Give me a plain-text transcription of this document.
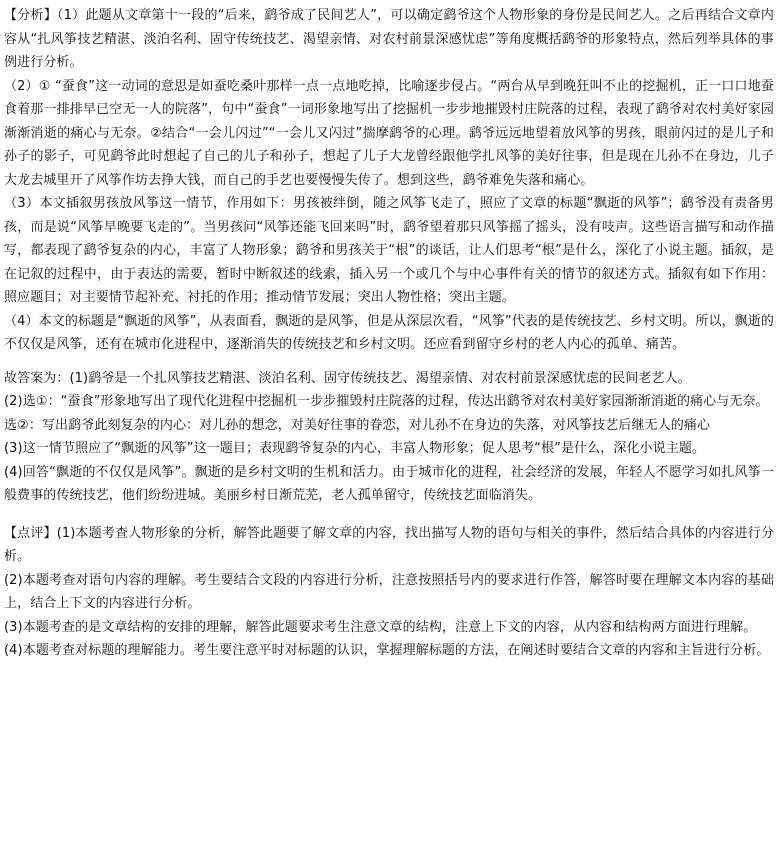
【分析】（1）此题从文章第十一段的“后来，鹞爷成了民间艺人”，可以确定鹞爷这个人物形象的身份是民间艺人。之后再结合文章内容从“扎风筝技艺精湛、淡泊名利、固守传统技艺、渴望亲情、对农村前景深感忧虑”等角度概括鹞爷的形象特点，然后列举具体的事例进行分析。

（2）① “蚕食”这一动词的意思是如蚕吃桑叶那样一点一点地吃掉，比喻逐步侵占。“两台从早到晚狂叫不止的挖掘机，正一口口地蚕食着那一排排早已空无一人的院落”，句中“蚕食”一词形象地写出了挖掘机一步步地摧毁村庄院落的过程，表现了鹞爷对农村美好家园渐渐消逝的痛心与无奈。②结合“一会儿闪过”“一会儿又闪过”揣摩鹞爷的心理。鹞爷远远地望着放风筝的男孩，眼前闪过的是儿子和孙子的影子，可见鹞爷此时想起了自己的儿子和孙子，想起了儿子大龙曾经跟他学扎风筝的美好往事，但是现在儿孙不在身边，儿子大龙去城里开了风筝作坊去挣大钱，而自己的手艺也要慢慢失传了。想到这些，鹞爷难免失落和痛心。

（3）本文插叙男孩放风筝这一情节，作用如下：男孩被绊倒，随之风筝飞走了，照应了文章的标题“飘逝的风筝”；鹞爷没有责备男孩，而是说“风筝早晚要飞走的”。当男孩问“风筝还能飞回来吗”时，鹞爷望着那只风筝摇了摇头，没有吱声。这些语言描写和动作描写，都表现了鹞爷复杂的内心，丰富了人物形象；鹞爷和男孩关于“根”的谈话，让人们思考“根”是什么，深化了小说主题。插叙，是在记叙的过程中，由于表达的需要，暂时中断叙述的线索，插入另一个或几个与中心事件有关的情节的叙述方式。插叙有如下作用：照应题目；对主要情节起补充、衬托的作用；推动情节发展；突出人物性格；突出主题。

（4）本文的标题是“飘逝的风筝”，从表面看，飘逝的是风筝，但是从深层次看，“风筝”代表的是传统技艺、乡村文明。所以，飘逝的不仅仅是风筝，还有在城市化进程中，逐渐消失的传统技艺和乡村文明。还应看到留守乡村的老人内心的孤单、痛苦。

故答案为：(1)鹞爷是一个扎风筝技艺精湛、淡泊名利、固守传统技艺、渴望亲情、对农村前景深感忧虑的民间老艺人。

(2)选①：“蚕食”形象地写出了现代化进程中挖掘机一步步摧毁村庄院落的过程，传达出鹞爷对农村美好家园渐渐消逝的痛心与无奈。

选②：写出鹞爷此刻复杂的内心：对儿孙的想念，对美好往事的眷恋，对儿孙不在身边的失落，对风筝技艺后继无人的痛心

(3)这一情节照应了“飘逝的风筝”这一题目；表现鹞爷复杂的内心，丰富人物形象；促人思考“根”是什么，深化小说主题。

(4)回答“飘逝的不仅仅是风筝”。飘逝的是乡村文明的生机和活力。由于城市化的进程，社会经济的发展，年轻人不愿学习如扎风筝一般费事的传统技艺，他们纷纷进城。美丽乡村日渐荒芜，老人孤单留守，传统技艺面临消失。

【点评】(1)本题考查人物形象的分析，解答此题要了解文章的内容，找出描写人物的语句与相关的事件，然后结合具体的内容进行分析。

(2)本题考查对语句内容的理解。考生要结合文段的内容进行分析，注意按照括号内的要求进行作答，解答时要在理解文本内容的基础上，结合上下文的内容进行分析。

(3)本题考查的是文章结构的安排的理解，解答此题要求考生注意文章的结构，注意上下文的内容，从内容和结构两方面进行理解。

(4)本题考查对标题的理解能力。考生要注意平时对标题的认识，掌握理解标题的方法，在阐述时要结合文章的内容和主旨进行分析。
